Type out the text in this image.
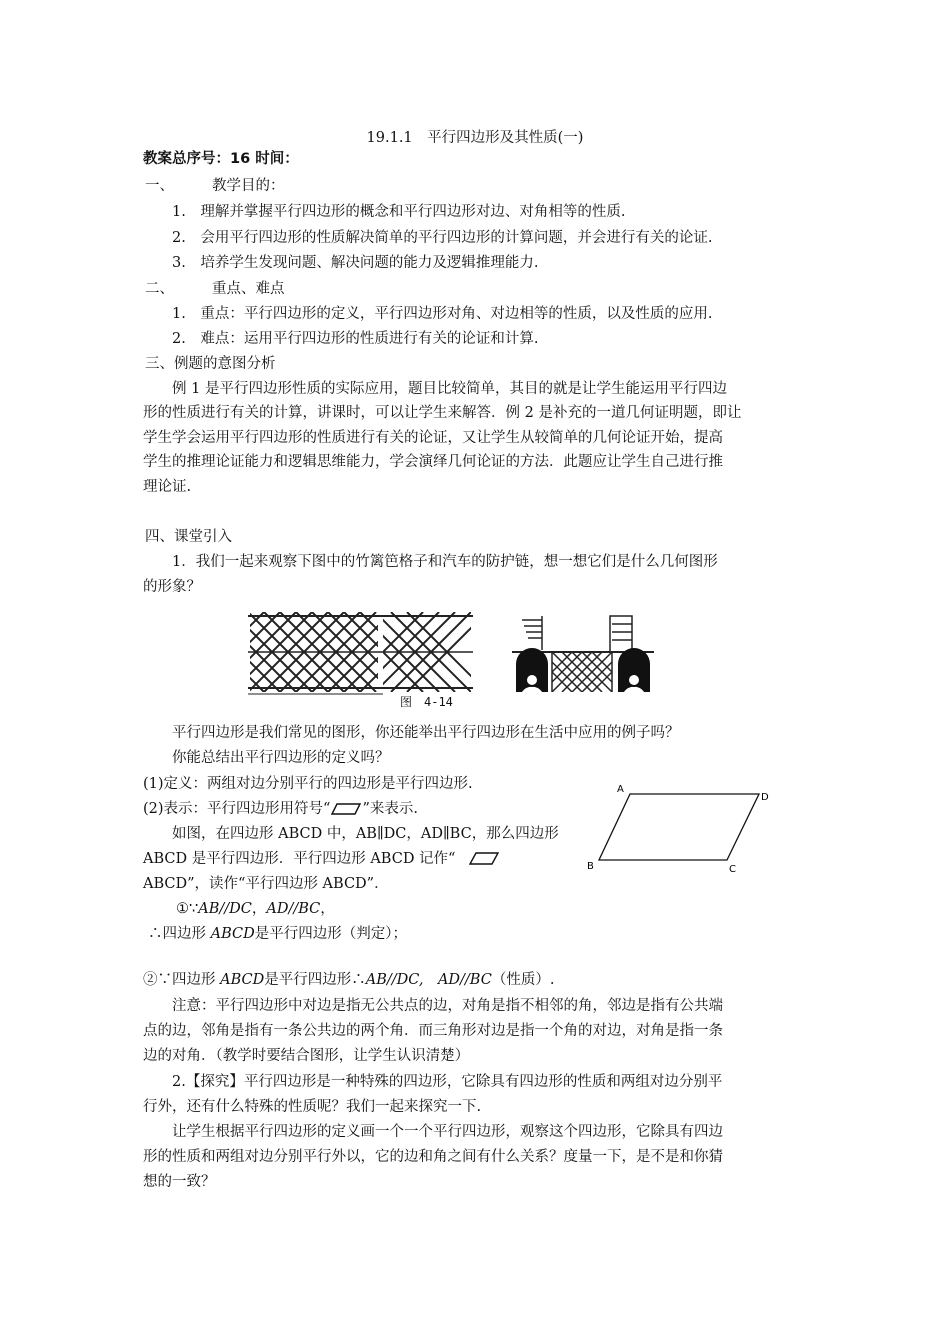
19.1.1　平行四边形及其性质(一)
教案总序号：16 时间：
一、	教学目的：
1.　理解并掌握平行四边形的概念和平行四边形对边、对角相等的性质.
2.　会用平行四边形的性质解决简单的平行四边形的计算问题，并会进行有关的论证.
3.　培养学生发现问题、解决问题的能力及逻辑推理能力.
二、	重点、难点
1.　重点：平行四边形的定义，平行四边形对角、对边相等的性质，以及性质的应用.
2.　难点：运用平行四边形的性质进行有关的论证和计算.
三、例题的意图分析
例 1 是平行四边形性质的实际应用，题目比较简单，其目的就是让学生能运用平行四边
形的性质进行有关的计算，讲课时，可以让学生来解答．例 2 是补充的一道几何证明题，即让
学生学会运用平行四边形的性质进行有关的论证，又让学生从较简单的几何论证开始，提高
学生的推理论证能力和逻辑思维能力，学会演绎几何论证的方法．此题应让学生自己进行推
理论证.
四、课堂引入
1．我们一起来观察下图中的竹篱笆格子和汽车的防护链，想一想它们是什么几何图形
的形象？
图　4-14
平行四边形是我们常见的图形，你还能举出平行四边形在生活中应用的例子吗？
你能总结出平行四边形的定义吗？
(1)定义：两组对边分别平行的四边形是平行四边形.
(2)表示：平行四边形用符号“ ”来表示.
如图，在四边形 ABCD 中，AB∥DC，AD∥BC，那么四边形
ABCD 是平行四边形．平行四边形 ABCD 记作“
ABCD”，读作“平行四边形 ABCD”．
A
D
B	C
①∵AB//DC，AD//BC，
∴四边形 ABCD是平行四边形（判定）；
②∵四边形 ABCD是平行四边形∴AB//DC,　AD//BC（性质）.
注意：平行四边形中对边是指无公共点的边，对角是指不相邻的角，邻边是指有公共端
点的边，邻角是指有一条公共边的两个角．而三角形对边是指一个角的对边，对角是指一条
边的对角．（教学时要结合图形，让学生认识清楚）
2.【探究】平行四边形是一种特殊的四边形，它除具有四边形的性质和两组对边分别平
行外，还有什么特殊的性质呢？我们一起来探究一下.
让学生根据平行四边形的定义画一个一个平行四边形，观察这个四边形，它除具有四边
形的性质和两组对边分别平行外以，它的边和角之间有什么关系？度量一下，是不是和你猜
想的一致？
